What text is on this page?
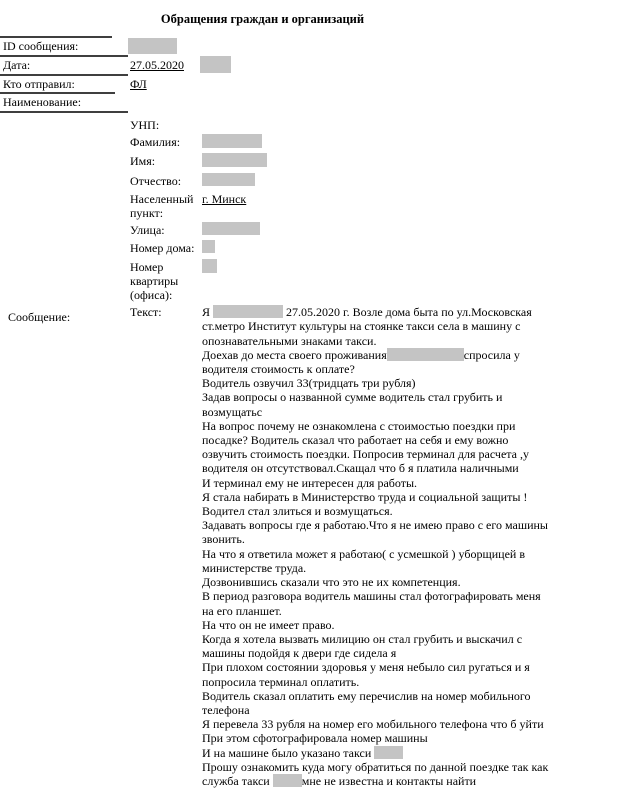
Обращения граждан и организаций
ID сообщения:
Дата:	27.05.2020
Кто отправил:	ФЛ
Наименование:
Сообщение:
УНП:
Фамилия:
Имя:
Отчество:
Населенный пункт:
г. Минск
Улица:
Номер дома:
Номер квартиры (офиса):
Текст:	Я	27.05.2020 г. Возле дома быта по ул.Московская
ст.метро Институт культуры на стоянке такси села в машину с
опознавательными знаками такси.
Доехав до места своего проживания	спросила у
водителя стоимость к оплате?
Водитель озвучил 33(тридцать три рубля)
Задав вопросы о названной сумме водитель стал грубить и
возмущатьс
На вопрос почему не ознакомлена с стоимостью поездки при
посадке? Водитель сказал что работает на себя и ему вожно
озвучить стоимость поездки. Попросив терминал для расчета ,у
водителя он отсутствовал.Скащал что б я платила наличными
И терминал ему не интересен для работы.
Я стала набирать в Министерство труда и социальной защиты !
Водител стал злиться и возмущаться.
Задавать вопросы где я работаю.Что я не имею право с его машины
звонить.
На что я ответила может я работаю( с усмешкой ) уборщицей в
министерстве труда.
Дозвонившись сказали что это не их компетенция.
В период разговора водитель машины стал фотографировать меня
на его планшет.
На что он не имеет право.
Когда я хотела вызвать милицию он стал грубить и выскачил с
машины подойдя к двери где сидела я
При плохом состоянии здоровья у меня небыло сил ругаться и я
попросила терминал оплатить.
Водитель сказал оплатить ему перечислив на номер мобильного
телефона
Я перевела 33 рубля на номер его мобильного телефона что б уйти
При этом сфотографировала номер машины
И на машине было указано такси
Прошу ознакомить куда могу обратиться по данной поездке так как
служба такси мне не известна и контакты найти
